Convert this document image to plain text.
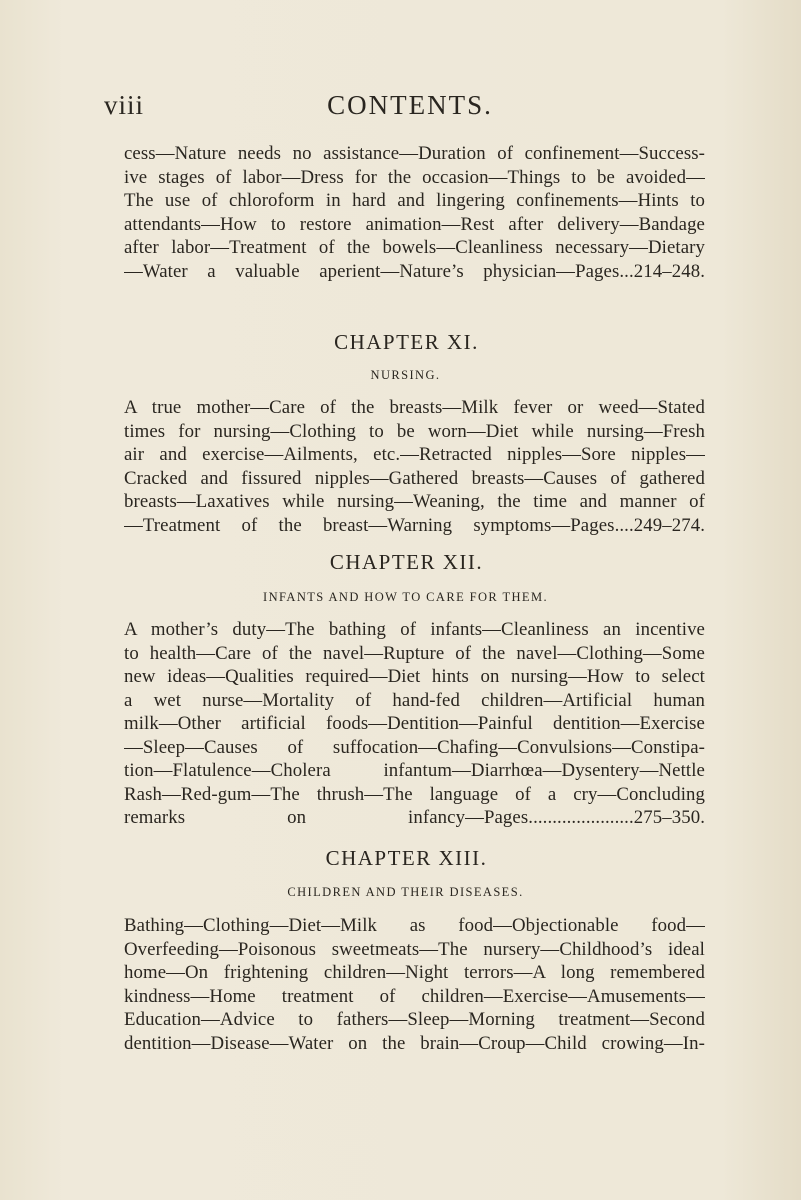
viii	CONTENTS.
cess—Nature needs no assistance—Duration of confinement—Success-
ive stages of labor—Dress for the occasion—Things to be avoided—
The use of chloroform in hard and lingering confinements—Hints to
attendants—How to restore animation—Rest after delivery—Bandage
after labor—Treatment of the bowels—Cleanliness necessary—Dietary
—Water a valuable aperient—Nature’s physician—Pages...214–248.
CHAPTER XI.
NURSING.
A true mother—Care of the breasts—Milk fever or weed—Stated
times for nursing—Clothing to be worn—Diet while nursing—Fresh
air and exercise—Ailments, etc.—Retracted nipples—Sore nipples—
Cracked and fissured nipples—Gathered breasts—Causes of gathered
breasts—Laxatives while nursing—Weaning, the time and manner of
—Treatment of the breast—Warning symptoms—Pages....249–274.
CHAPTER XII.
INFANTS AND HOW TO CARE FOR THEM.
A mother’s duty—The bathing of infants—Cleanliness an incentive
to health—Care of the navel—Rupture of the navel—Clothing—Some
new ideas—Qualities required—Diet hints on nursing—How to select
a wet nurse—Mortality of hand-fed children—Artificial human
milk—Other artificial foods—Dentition—Painful dentition—Exercise
—Sleep—Causes of suffocation—Chafing—Convulsions—Constipa-
tion—Flatulence—Cholera infantum—Diarrhœa—Dysentery—Nettle
Rash—Red-gum—The thrush—The language of a cry—Concluding
remarks on infancy—Pages......................275–350.
CHAPTER XIII.
CHILDREN AND THEIR DISEASES.
Bathing—Clothing—Diet—Milk as food—Objectionable food—
Overfeeding—Poisonous sweetmeats—The nursery—Childhood’s ideal
home—On frightening children—Night terrors—A long remembered
kindness—Home treatment of children—Exercise—Amusements—
Education—Advice to fathers—Sleep—Morning treatment—Second
dentition—Disease—Water on the brain—Croup—Child crowing—In-
